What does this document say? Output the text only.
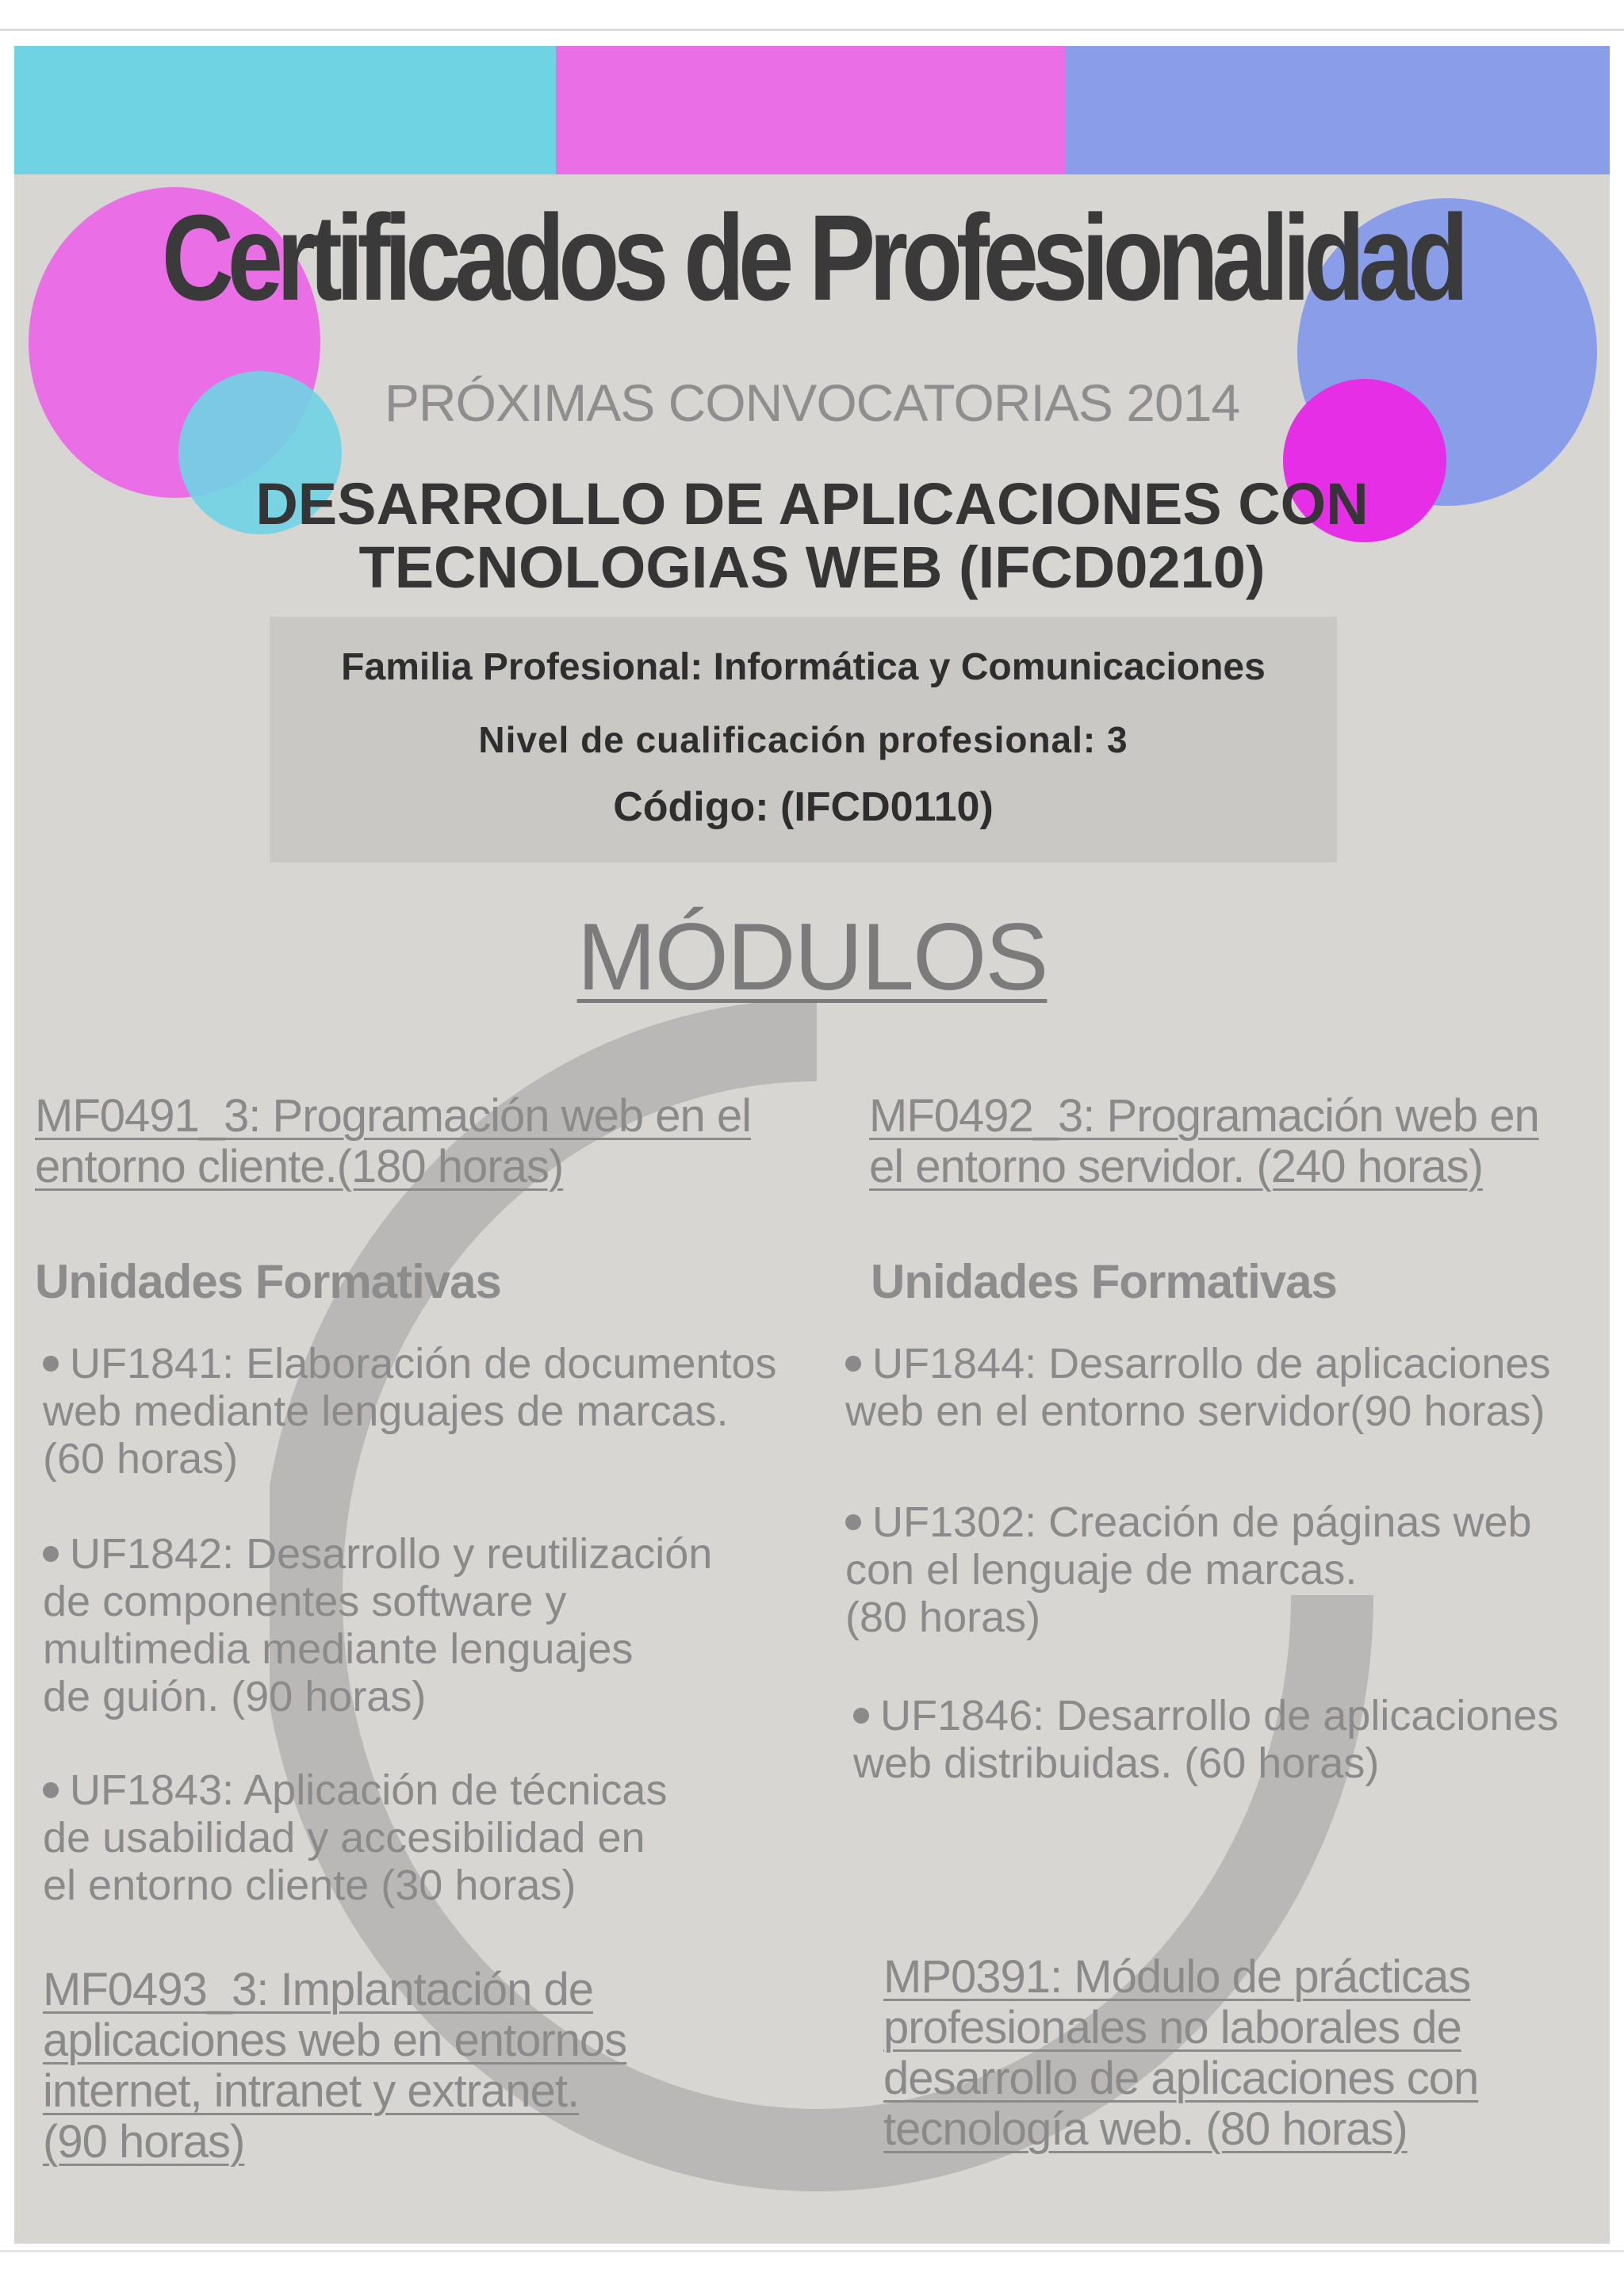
Certificados de Profesionalidad
PRÓXIMAS CONVOCATORIAS 2014
DESARROLLO DE APLICACIONES CON
TECNOLOGIAS WEB (IFCD0210)
Familia Profesional: Informática y Comunicaciones
Nivel de cualificación profesional: 3
Código: (IFCD0110)
MÓDULOS
MF0491_3: Programación web en el
entorno cliente.(180 horas)
Unidades Formativas
UF1841: Elaboración de documentos
web mediante lenguajes de marcas.
(60 horas)
UF1842: Desarrollo y reutilización
de componentes software y
multimedia mediante lenguajes
de guión. (90 horas)
UF1843: Aplicación de técnicas
de usabilidad y accesibilidad en
el entorno cliente (30 horas)
MF0493_3: Implantación de
aplicaciones web en entornos
internet, intranet y extranet.
(90 horas)
MF0492_3: Programación web en
el entorno servidor. (240 horas)
Unidades Formativas
UF1844: Desarrollo de aplicaciones
web en el entorno servidor(90 horas)
UF1302: Creación de páginas web
con el lenguaje de marcas.
(80 horas)
UF1846: Desarrollo de aplicaciones
web distribuidas. (60 horas)
MP0391: Módulo de prácticas
profesionales no laborales de
desarrollo de aplicaciones con
tecnología web. (80 horas)
